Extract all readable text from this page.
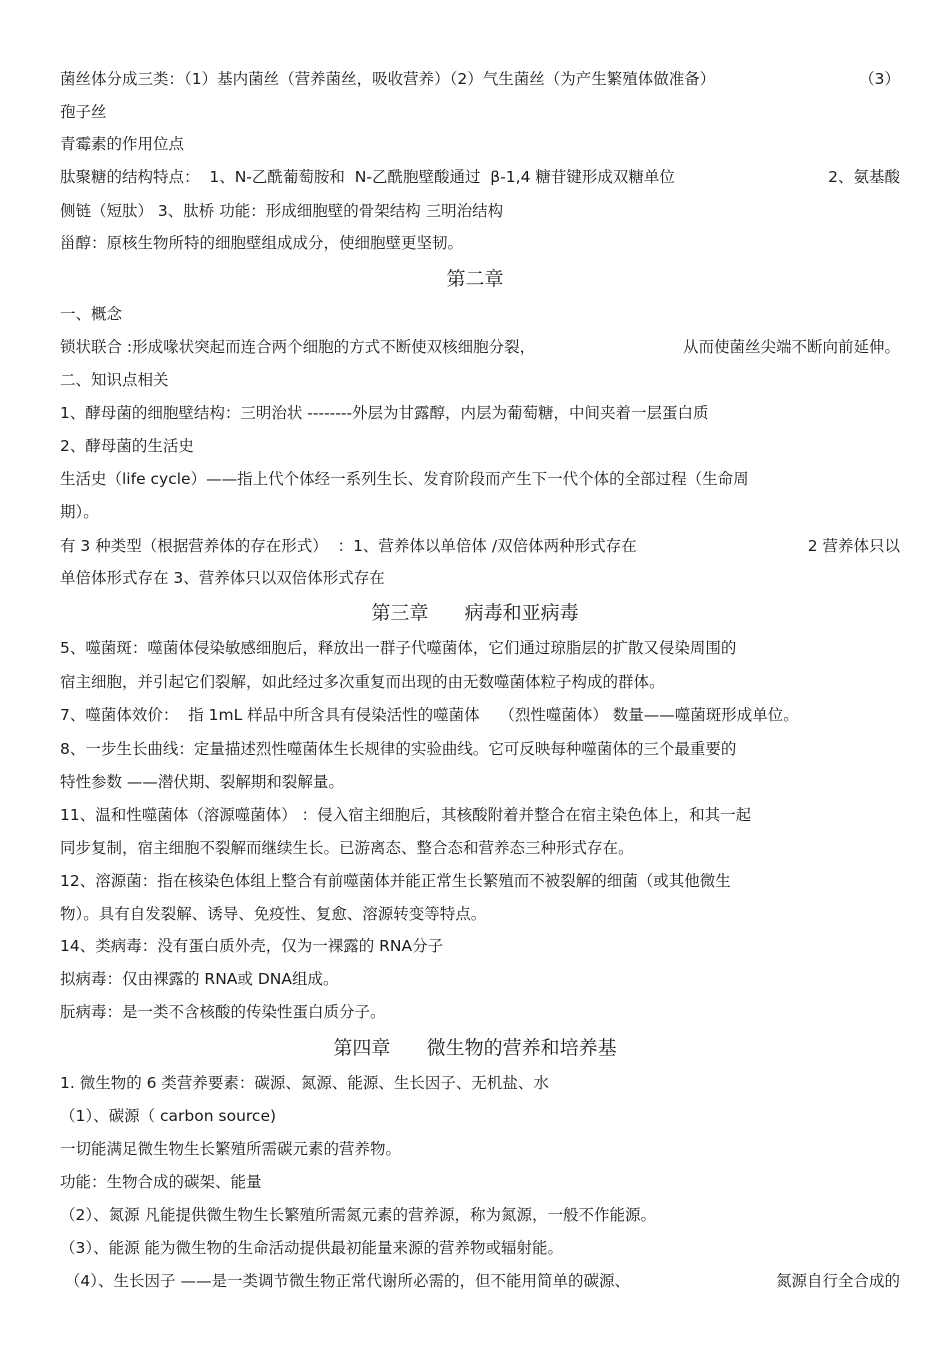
菌丝体分成三类：（1）基内菌丝（营养菌丝，吸收营养）（2）气生菌丝（为产生繁殖体做准备）	（3）
孢子丝
青霉素的作用位点
肽聚糖的结构特点：  1、N-乙酰葡萄胺和  N-乙酰胞壁酸通过  β-1,4 糖苷键形成双糖单位	2、氨基酸
侧链（短肽） 3、肽桥 功能：形成细胞壁的骨架结构 三明治结构
甾醇：原核生物所特的细胞壁组成成分，使细胞壁更坚韧。
第二章
一、概念
锁状联合 :形成喙状突起而连合两个细胞的方式不断使双核细胞分裂，	从而使菌丝尖端不断向前延伸。
二、知识点相关
1、酵母菌的细胞壁结构：三明治状 --------外层为甘露醇，内层为葡萄糖，中间夹着一层蛋白质
2、酵母菌的生活史
生活史（life cycle）——指上代个体经一系列生长、发育阶段而产生下一代个体的全部过程（生命周
期）。
有 3 种类型（根据营养体的存在形式）  ：1、营养体以单倍体 /双倍体两种形式存在	2 营养体只以
单倍体形式存在 3、营养体只以双倍体形式存在
第三章      病毒和亚病毒
5、噬菌斑：噬菌体侵染敏感细胞后，释放出一群子代噬菌体，它们通过琼脂层的扩散又侵染周围的
宿主细胞，并引起它们裂解，如此经过多次重复而出现的由无数噬菌体粒子构成的群体。
7、噬菌体效价：  指 1mL 样品中所含具有侵染活性的噬菌体    （烈性噬菌体） 数量——噬菌斑形成单位。
8、一步生长曲线：定量描述烈性噬菌体生长规律的实验曲线。它可反映每种噬菌体的三个最重要的
特性参数 ——潜伏期、裂解期和裂解量。
11、温和性噬菌体（溶源噬菌体） ：侵入宿主细胞后，其核酸附着并整合在宿主染色体上，和其一起
同步复制，宿主细胞不裂解而继续生长。已游离态、整合态和营养态三种形式存在。
12、溶源菌：指在核染色体组上整合有前噬菌体并能正常生长繁殖而不被裂解的细菌（或其他微生
物）。具有自发裂解、诱导、免疫性、复愈、溶源转变等特点。
14、类病毒：没有蛋白质外壳，仅为一裸露的 RNA分子
拟病毒：仅由裸露的 RNA或 DNA组成。
朊病毒：是一类不含核酸的传染性蛋白质分子。
第四章      微生物的营养和培养基
1. 微生物的 6 类营养要素：碳源、氮源、能源、生长因子、无机盐、水
（1）、碳源（ carbon source)
一切能满足微生物生长繁殖所需碳元素的营养物。
功能：生物合成的碳架、能量
（2）、氮源 凡能提供微生物生长繁殖所需氮元素的营养源，称为氮源，一般不作能源。
（3）、能源 能为微生物的生命活动提供最初能量来源的营养物或辐射能。
（4）、生长因子 ——是一类调节微生物正常代谢所必需的，但不能用简单的碳源、	氮源自行全合成的
